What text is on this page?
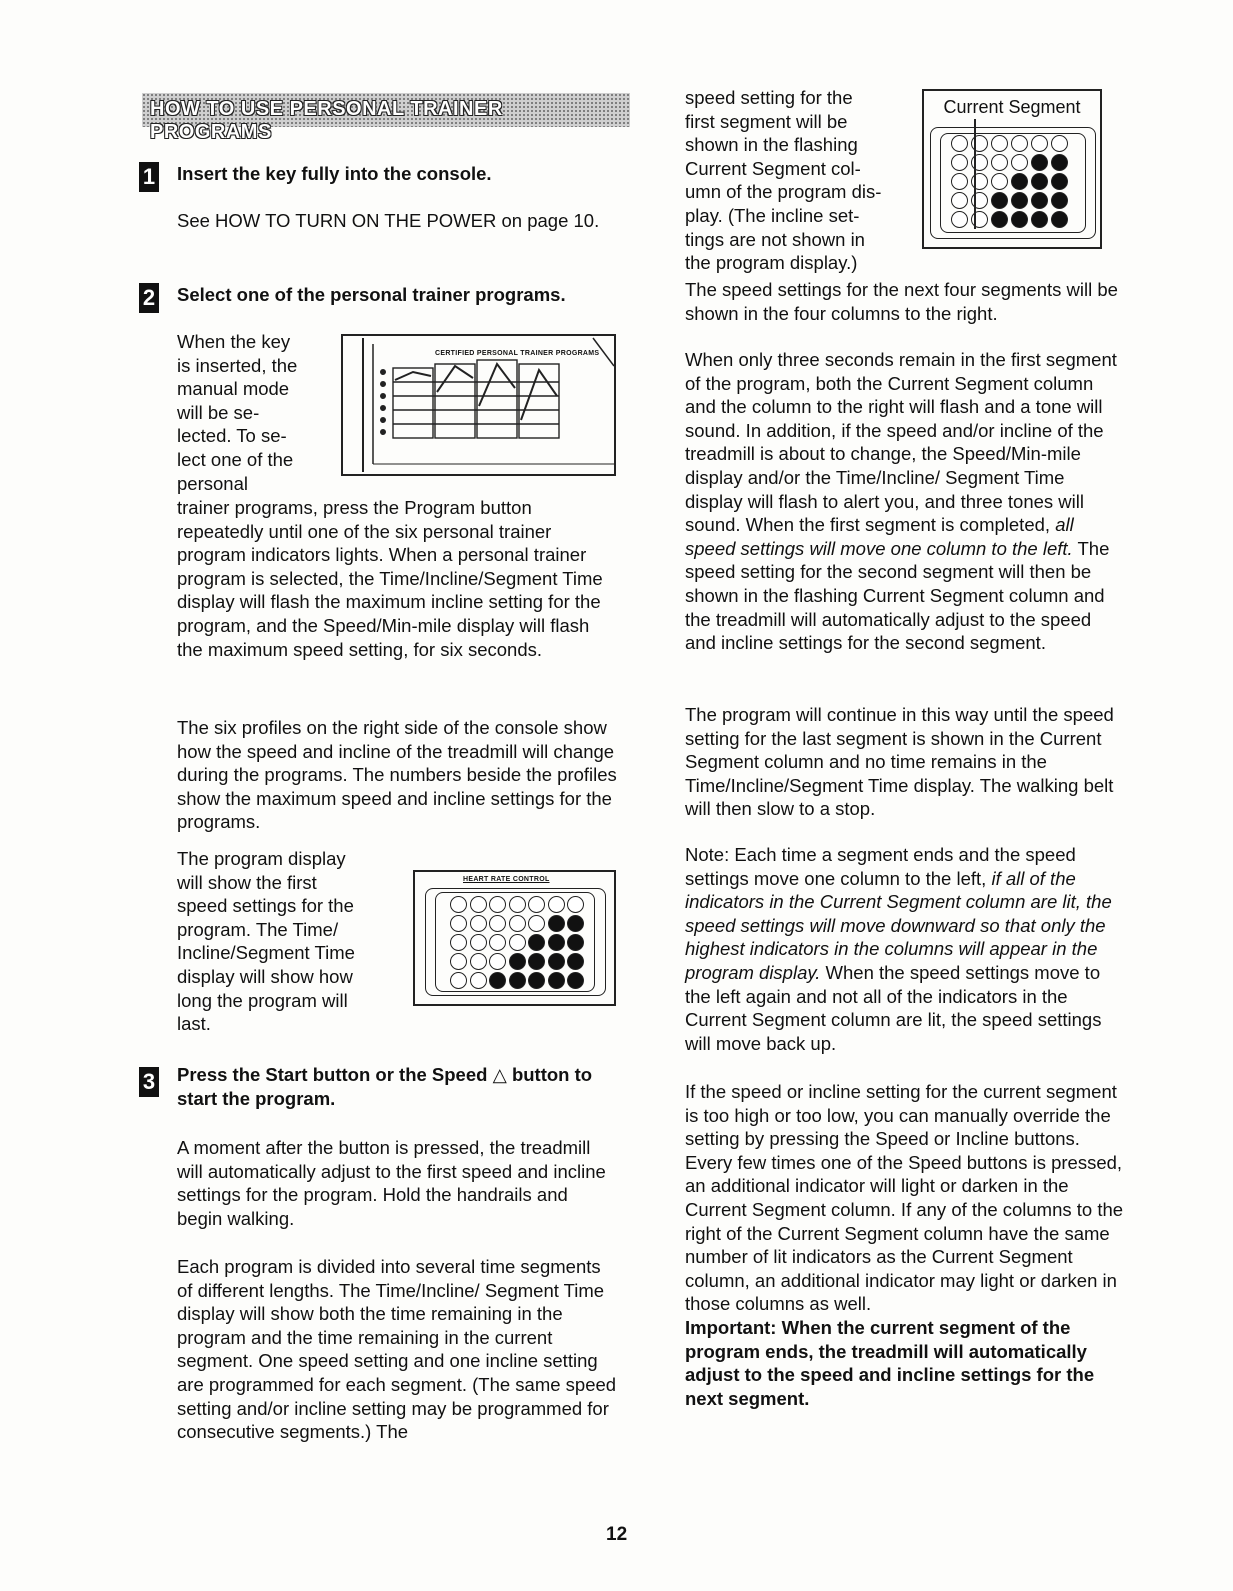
HOW TO USE PERSONAL TRAINER PROGRAMS
1 Insert the key fully into the console.

See HOW TO TURN ON THE POWER on page 10.

2 Select one of the personal trainer programs.

When the key

is inserted, the

manual mode

will be se-

lected. To se-

lect one of the

personal

trainer programs, press the Program button repeatedly until one of the six personal trainer program indicators lights. When a personal trainer program is selected, the Time/Incline/Segment Time display will flash the maximum incline setting for the program, and the Speed/Min-mile display will flash the maximum speed setting, for six seconds.

CERTIFIED PERSONAL TRAINER PROGRAMS

The six profiles on the right side of the console show how the speed and incline of the treadmill will change during the programs. The numbers beside the profiles show the maximum speed and incline settings for the programs.

The program display

will show the first

speed settings for the

program. The Time/

Incline/Segment Time

display will show how

long the program will

last.

HEART RATE CONTROL
3 Press the Start button or the Speed △ button to start the program.

A moment after the button is pressed, the treadmill will automatically adjust to the first speed and incline settings for the program. Hold the handrails and begin walking.

Each program is divided into several time segments of different lengths. The Time/Incline/ Segment Time display will show both the time remaining in the program and the time remaining in the current segment. One speed setting and one incline setting are programmed for each segment. (The same speed setting and/or incline setting may be programmed for consecutive segments.) The

speed setting for the

first segment will be

shown in the flashing

Current Segment col-

umn of the program dis-

play. (The incline set-

tings are not shown in

the program display.)

Current Segment

The speed settings for the next four segments will be shown in the four columns to the right.

When only three seconds remain in the first segment of the program, both the Current Segment column and the column to the right will flash and a tone will sound. In addition, if the speed and/or incline of the treadmill is about to change, the Speed/Min-mile display and/or the Time/Incline/ Segment Time display will flash to alert you, and three tones will sound. When the first segment is completed, all speed settings will move one column to the left. The speed setting for the second segment will then be shown in the flashing Current Segment column and the treadmill will automatically adjust to the speed and incline settings for the second segment.

The program will continue in this way until the speed setting for the last segment is shown in the Current Segment column and no time remains in the Time/Incline/Segment Time display. The walking belt will then slow to a stop.

Note: Each time a segment ends and the speed settings move one column to the left, if all of the indicators in the Current Segment column are lit, the speed settings will move downward so that only the highest indicators in the columns will appear in the program display. When the speed settings move to the left again and not all of the indicators in the Current Segment column are lit, the speed settings will move back up.

If the speed or incline setting for the current segment is too high or too low, you can manually override the setting by pressing the Speed or Incline buttons. Every few times one of the Speed buttons is pressed, an additional indicator will light or darken in the Current Segment column. If any of the columns to the right of the Current Segment column have the same number of lit indicators as the Current Segment column, an additional indicator may light or darken in those columns as well.

Important: When the current segment of the program ends, the treadmill will automatically adjust to the speed and incline settings for the next segment.

12
